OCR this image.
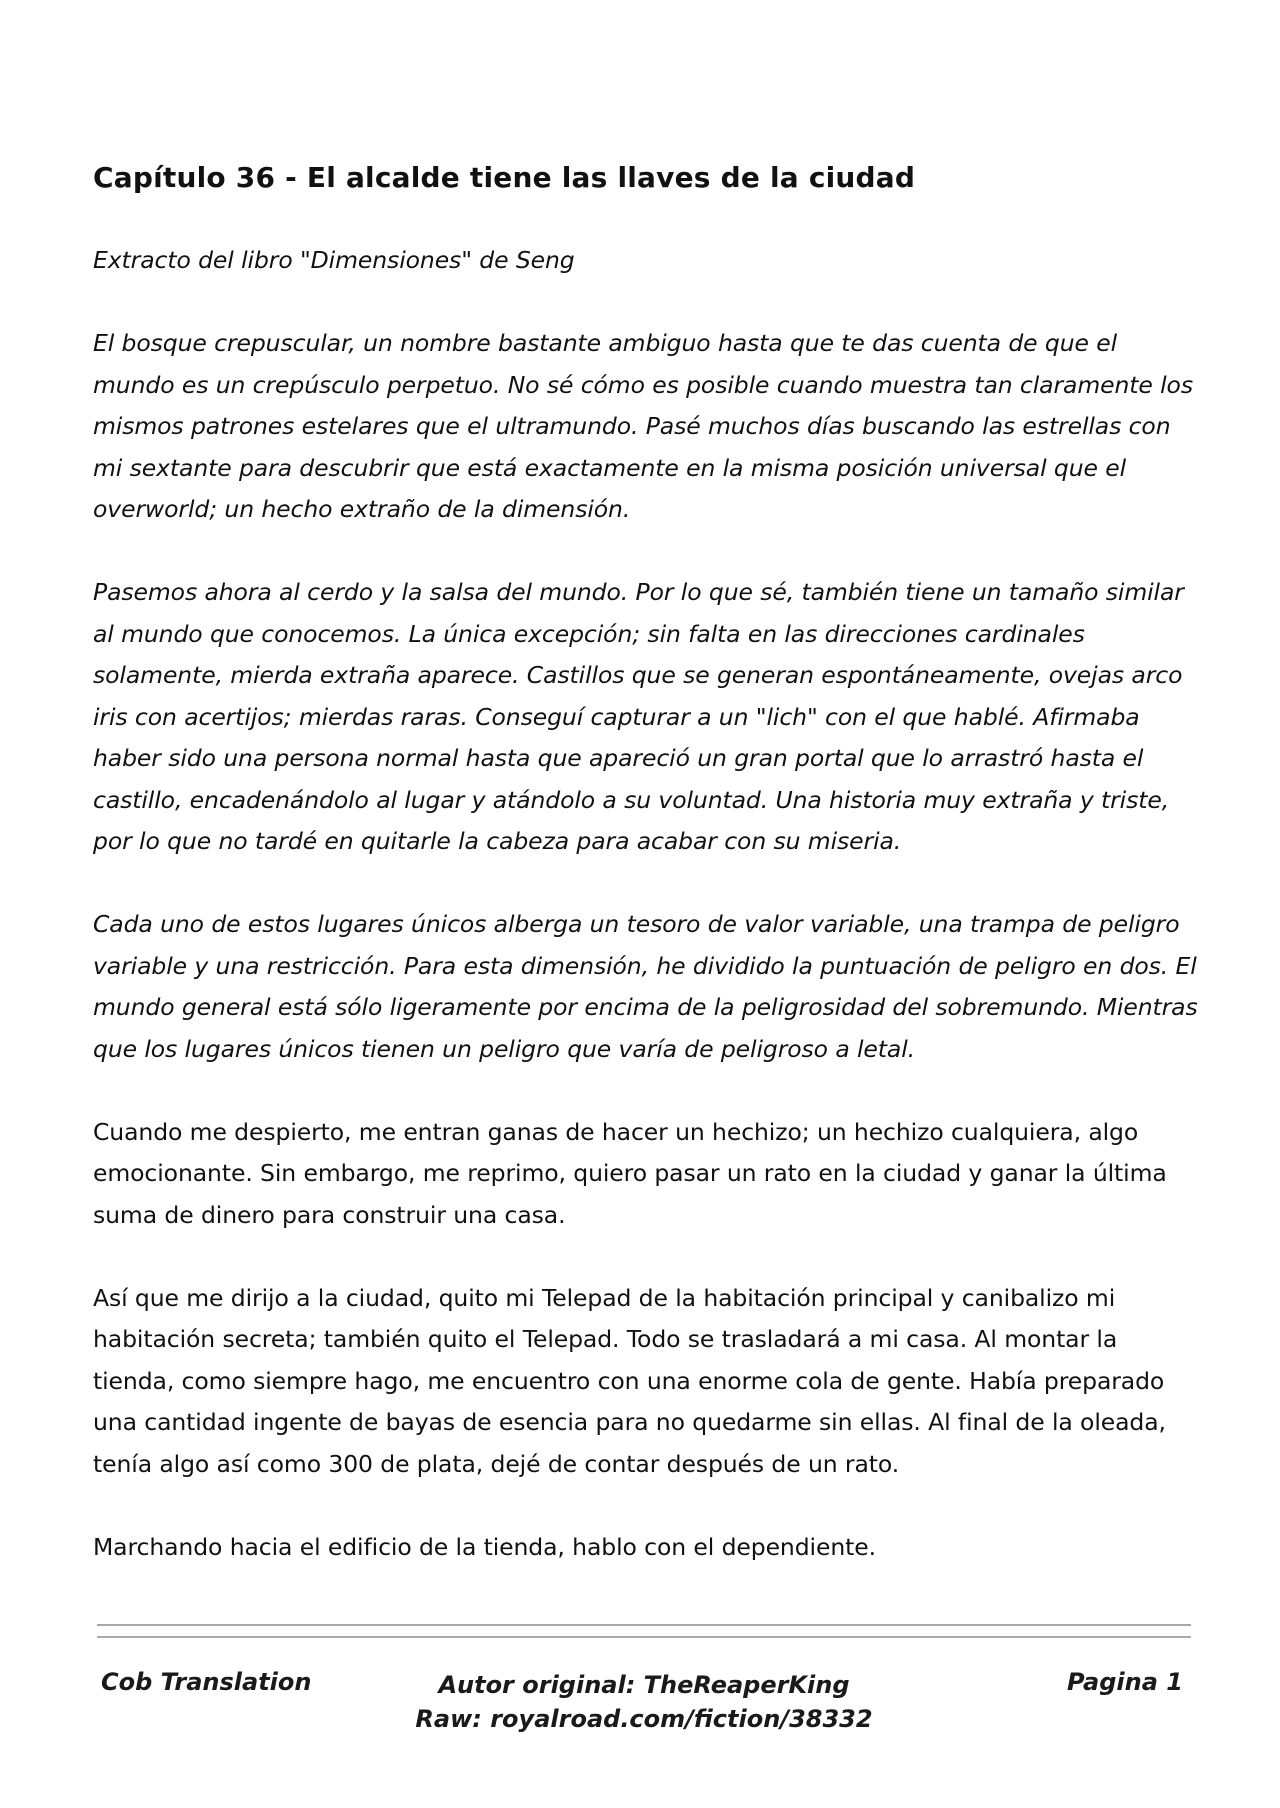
Capítulo 36 - El alcalde tiene las llaves de la ciudad

Extracto del libro "Dimensiones" de Seng

El bosque crepuscular, un nombre bastante ambiguo hasta que te das cuenta de que el mundo es un crepúsculo perpetuo. No sé cómo es posible cuando muestra tan claramente los mismos patrones estelares que el ultramundo. Pasé muchos días buscando las estrellas con mi sextante para descubrir que está exactamente en la misma posición universal que el overworld; un hecho extraño de la dimensión.

Pasemos ahora al cerdo y la salsa del mundo. Por lo que sé, también tiene un tamaño similar al mundo que conocemos. La única excepción; sin falta en las direcciones cardinales solamente, mierda extraña aparece. Castillos que se generan espontáneamente, ovejas arco iris con acertijos; mierdas raras. Conseguí capturar a un "lich" con el que hablé. Afirmaba haber sido una persona normal hasta que apareció un gran portal que lo arrastró hasta el castillo, encadenándolo al lugar y atándolo a su voluntad. Una historia muy extraña y triste, por lo que no tardé en quitarle la cabeza para acabar con su miseria.

Cada uno de estos lugares únicos alberga un tesoro de valor variable, una trampa de peligro variable y una restricción. Para esta dimensión, he dividido la puntuación de peligro en dos. El mundo general está sólo ligeramente por encima de la peligrosidad del sobremundo. Mientras que los lugares únicos tienen un peligro que varía de peligroso a letal.

Cuando me despierto, me entran ganas de hacer un hechizo; un hechizo cualquiera, algo emocionante. Sin embargo, me reprimo, quiero pasar un rato en la ciudad y ganar la última suma de dinero para construir una casa.

Así que me dirijo a la ciudad, quito mi Telepad de la habitación principal y canibalizo mi habitación secreta; también quito el Telepad. Todo se trasladará a mi casa. Al montar la tienda, como siempre hago, me encuentro con una enorme cola de gente. Había preparado una cantidad ingente de bayas de esencia para no quedarme sin ellas. Al final de la oleada, tenía algo así como 300 de plata, dejé de contar después de un rato.

Marchando hacia el edificio de la tienda, hablo con el dependiente.

Cob Translation	Autor original: TheReaperKing
Raw: royalroad.com/fiction/38332
Pagina 1
